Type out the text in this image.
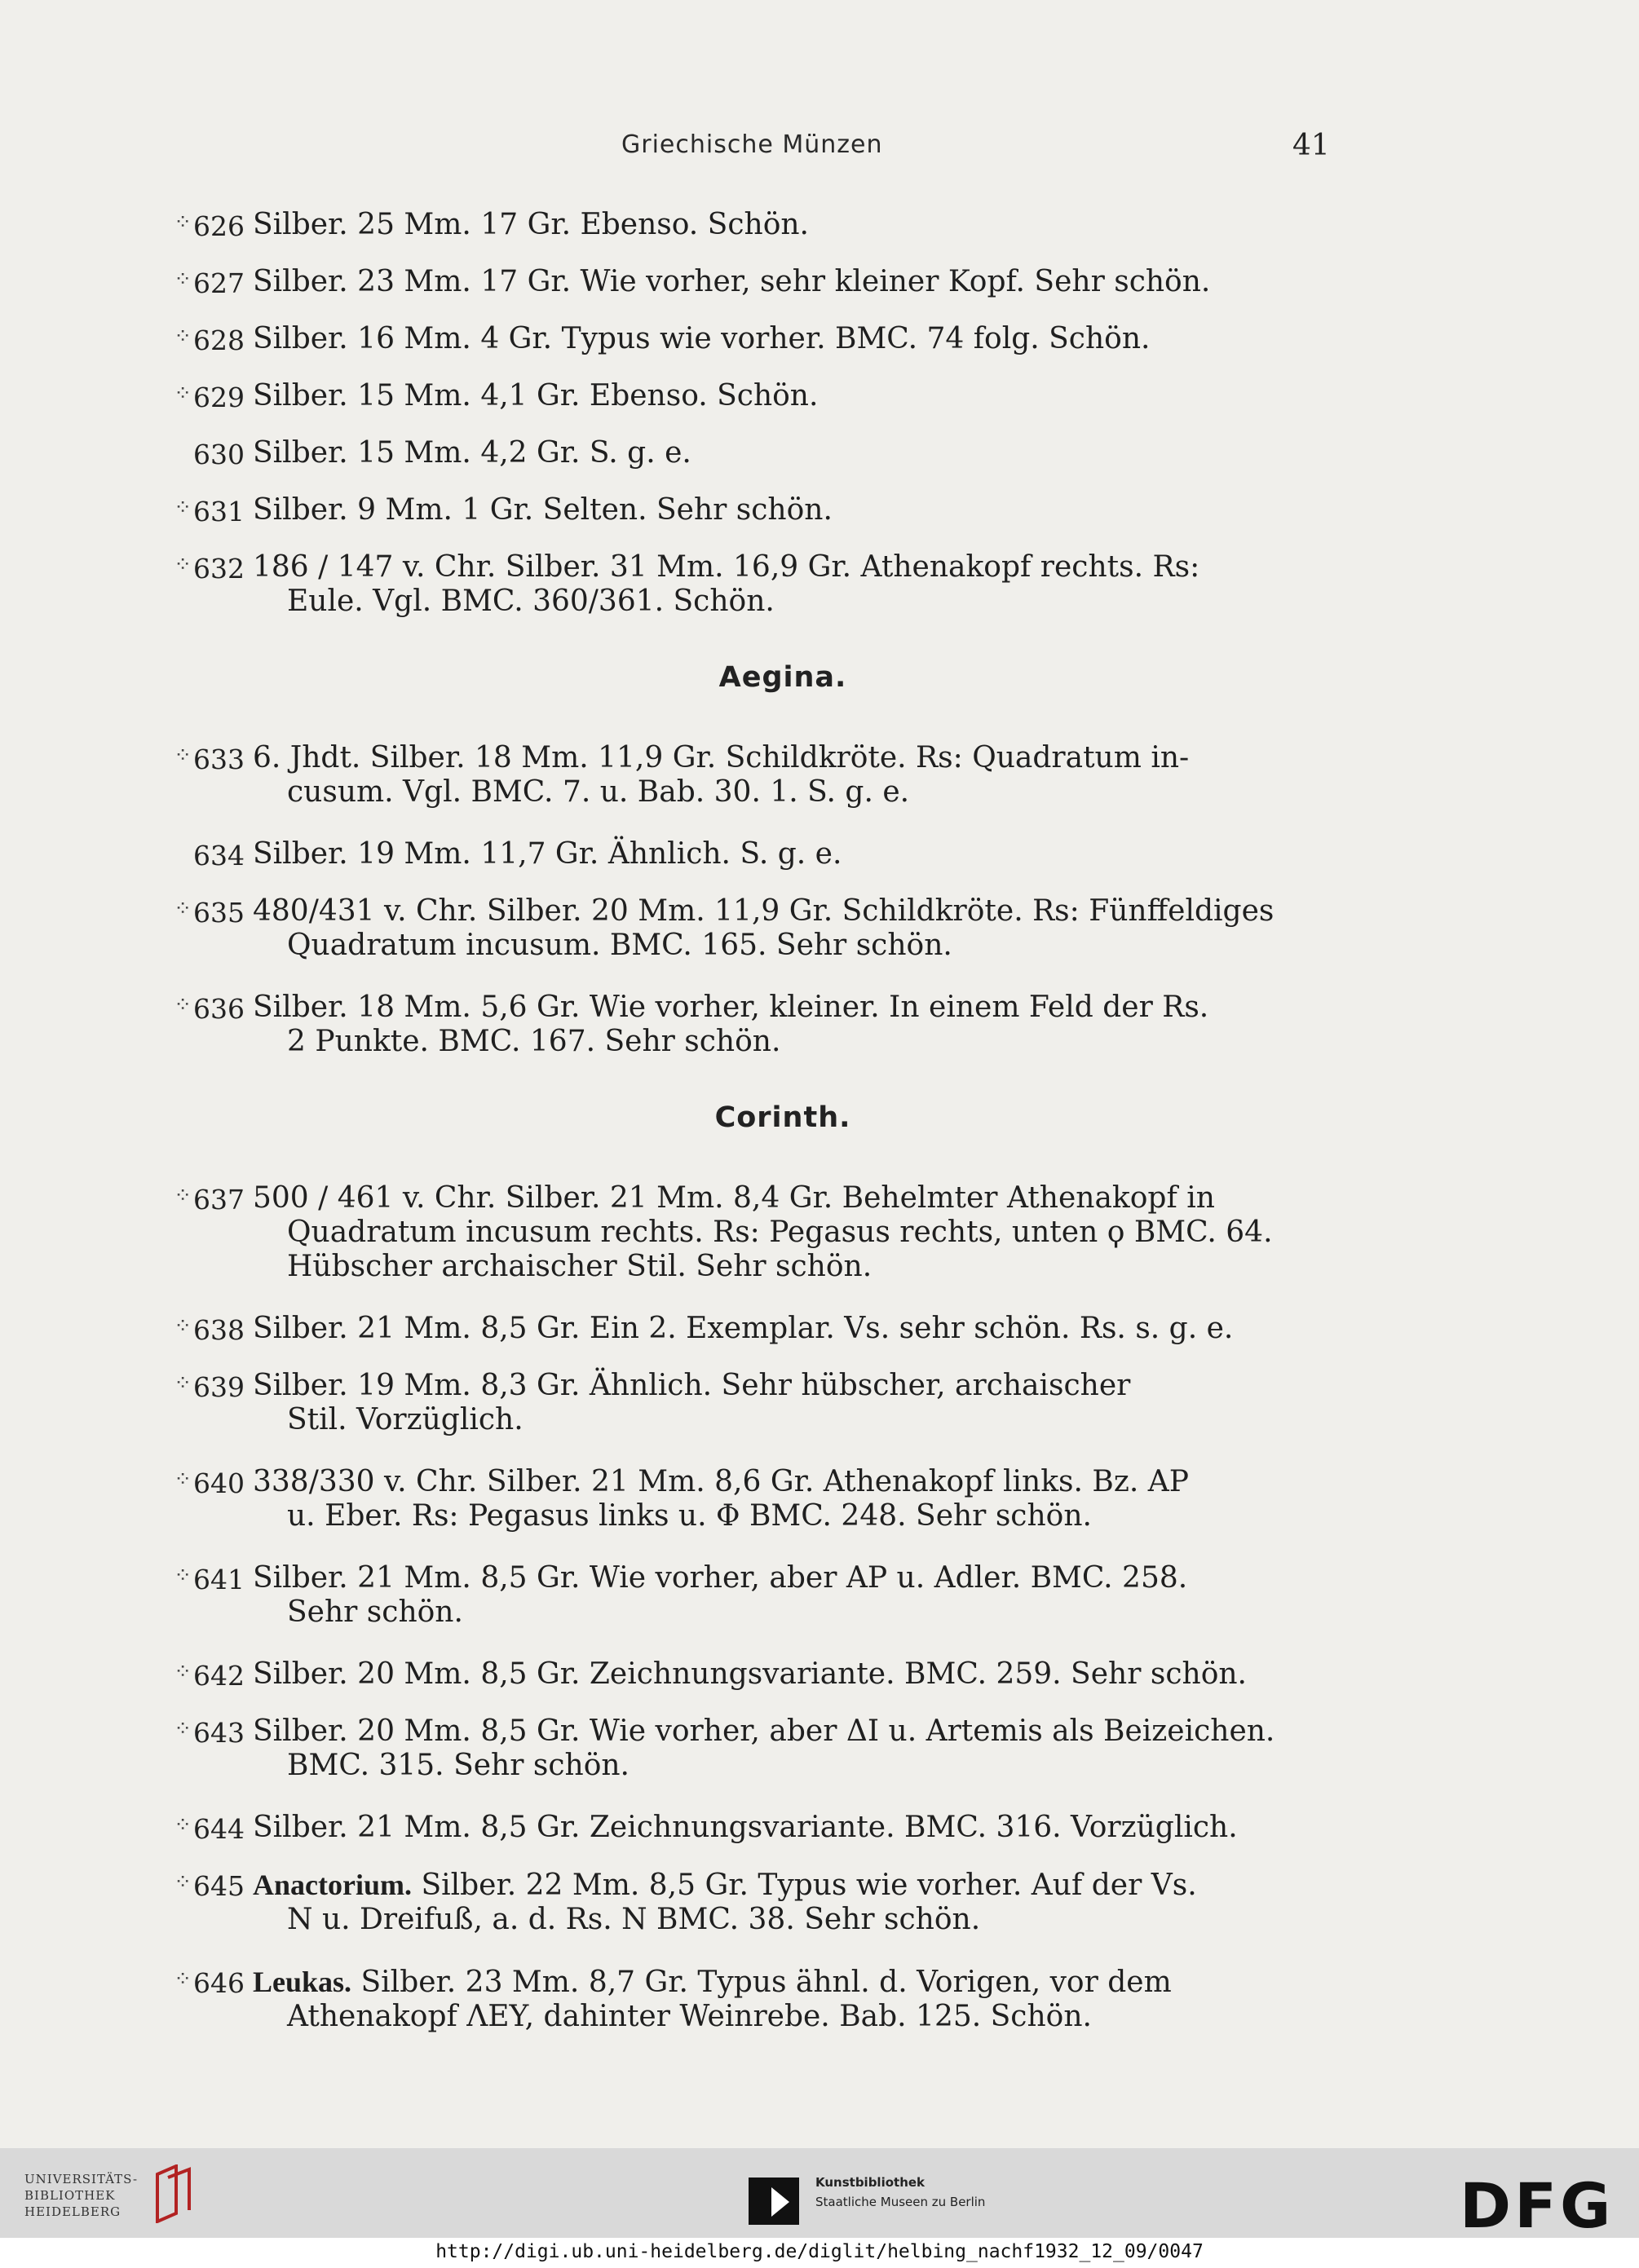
Griechische Münzen	41
⁘626 Silber. 25 Mm. 17 Gr. Ebenso. Schön.
⁘627 Silber. 23 Mm. 17 Gr. Wie vorher, sehr kleiner Kopf. Sehr schön.
⁘628 Silber. 16 Mm. 4 Gr. Typus wie vorher. BMC. 74 folg. Schön.
⁘629 Silber. 15 Mm. 4,1 Gr. Ebenso. Schön.
630 Silber. 15 Mm. 4,2 Gr. S. g. e.
⁘631 Silber. 9 Mm. 1 Gr. Selten. Sehr schön.
⁘632 186 / 147 v. Chr. Silber. 31 Mm. 16,9 Gr. Athenakopf rechts. Rs:
Eule. Vgl. BMC. 360/361. Schön.
Aegina.
⁘633 6. Jhdt. Silber. 18 Mm. 11,9 Gr. Schildkröte. Rs: Quadratum in-
cusum. Vgl. BMC. 7. u. Bab. 30. 1. S. g. e.
634 Silber. 19 Mm. 11,7 Gr. Ähnlich. S. g. e.
⁘635 480/431 v. Chr. Silber. 20 Mm. 11,9 Gr. Schildkröte. Rs: Fünffeldiges
Quadratum incusum. BMC. 165. Sehr schön.
⁘636 Silber. 18 Mm. 5,6 Gr. Wie vorher, kleiner. In einem Feld der Rs.
2 Punkte. BMC. 167. Sehr schön.
Corinth.
⁘637 500 / 461 v. Chr. Silber. 21 Mm. 8,4 Gr. Behelmter Athenakopf in
Quadratum incusum rechts. Rs: Pegasus rechts, unten ϙ BMC. 64.
Hübscher archaischer Stil. Sehr schön.
⁘638 Silber. 21 Mm. 8,5 Gr. Ein 2. Exemplar. Vs. sehr schön. Rs. s. g. e.
⁘639 Silber. 19 Mm. 8,3 Gr. Ähnlich. Sehr hübscher, archaischer
Stil. Vorzüglich.
⁘640 338/330 v. Chr. Silber. 21 Mm. 8,6 Gr. Athenakopf links. Bz. AP
u. Eber. Rs: Pegasus links u. Φ BMC. 248. Sehr schön.
⁘641 Silber. 21 Mm. 8,5 Gr. Wie vorher, aber AP u. Adler. BMC. 258.
Sehr schön.
⁘642 Silber. 20 Mm. 8,5 Gr. Zeichnungsvariante. BMC. 259. Sehr schön.
⁘643 Silber. 20 Mm. 8,5 Gr. Wie vorher, aber ΔI u. Artemis als Beizeichen.
BMC. 315. Sehr schön.
⁘644 Silber. 21 Mm. 8,5 Gr. Zeichnungsvariante. BMC. 316. Vorzüglich.
⁘645 Anactorium. Silber. 22 Mm. 8,5 Gr. Typus wie vorher. Auf der Vs.
N u. Dreifuß, a. d. Rs. N BMC. 38. Sehr schön.
⁘646 Leukas. Silber. 23 Mm. 8,7 Gr. Typus ähnl. d. Vorigen, vor dem
Athenakopf ΛEY, dahinter Weinrebe. Bab. 125. Schön.
UNIVERSITÄTS-
BIBLIOTHEK
HEIDELBERG
Kunstbibliothek
Staatliche Museen zu Berlin	DFG
http://digi.ub.uni-heidelberg.de/diglit/helbing_nachf1932_12_09/0047
